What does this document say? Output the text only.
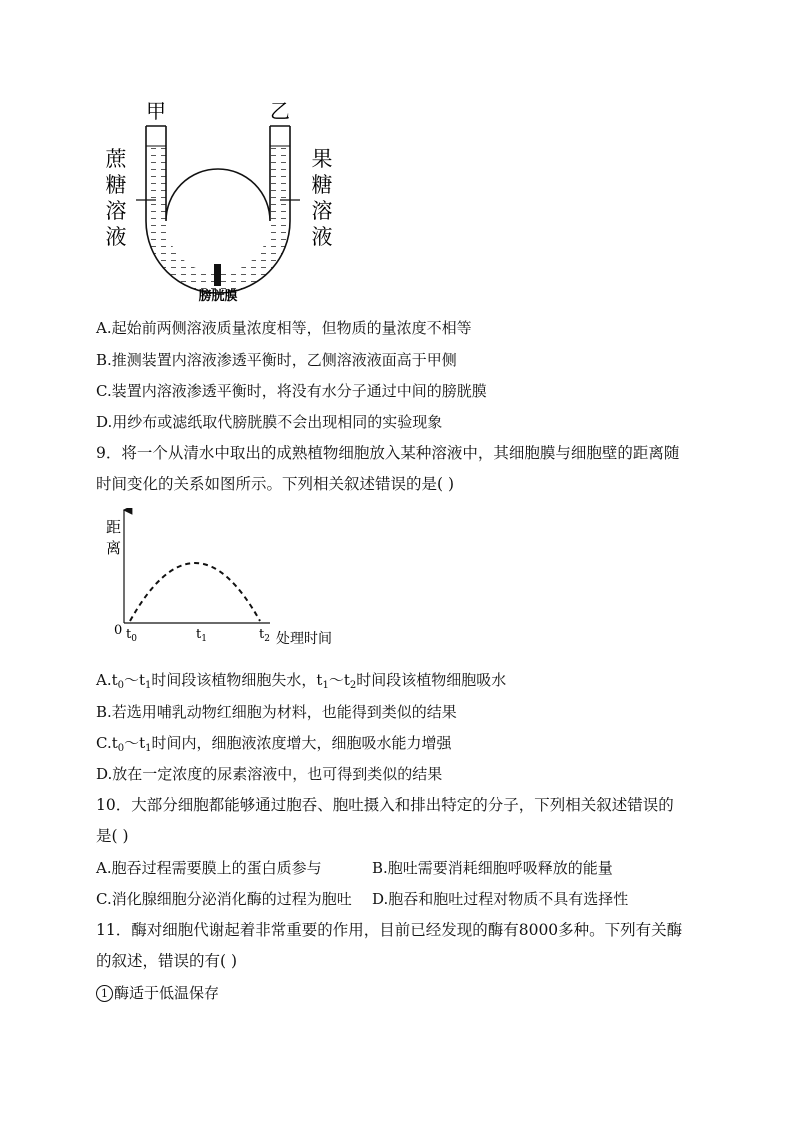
甲	乙
蔗
糖
溶
液
果
糖
溶
液
膀胱膜
A.起始前两侧溶液质量浓度相等，但物质的量浓度不相等
B.推测装置内溶液渗透平衡时，乙侧溶液液面高于甲侧
C.装置内溶液渗透平衡时，将没有水分子通过中间的膀胱膜
D.用纱布或滤纸取代膀胱膜不会出现相同的实验现象
9．将一个从清水中取出的成熟植物细胞放入某种溶液中，其细胞膜与细胞壁的距离随
时间变化的关系如图所示。下列相关叙述错误的是( )
距
离
0 $t_0$	$t_1$	$t_2$ 处理时间
$A.t_0\sim t_1$时间段该植物细胞失水，$t_1\sim t_2$时间段该植物细胞吸水
B.若选用哺乳动物红细胞为材料，也能得到类似的结果
$C.t_0\sim t_1$时间内，细胞液浓度增大，细胞吸水能力增强
D.放在一定浓度的尿素溶液中，也可得到类似的结果
10．大部分细胞都能够通过胞吞、胞吐摄入和排出特定的分子，下列相关叙述错误的
是( )
A.胞吞过程需要膜上的蛋白质参与	B.胞吐需要消耗细胞呼吸释放的能量
C.消化腺细胞分泌消化酶的过程为胞吐 D.胞吞和胞吐过程对物质不具有选择性
11．酶对细胞代谢起着非常重要的作用，目前已经发现的酶有8000多种。下列有关酶
的叙述，错误的有( )
1 酶适于低温保存
